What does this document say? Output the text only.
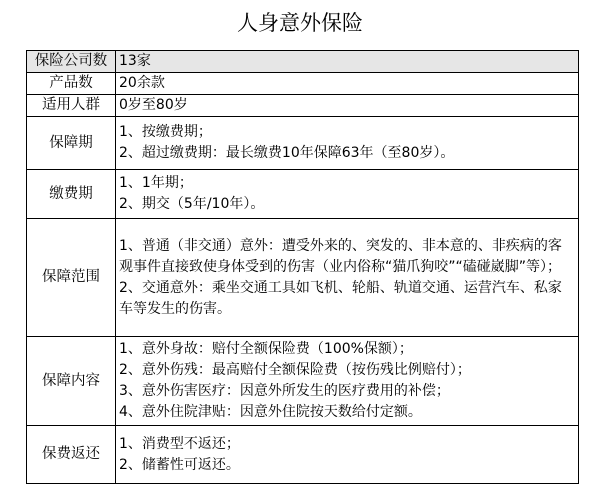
人身意外保险
保险公司数	13家

产品数	20余款

适用人群	0岁至80岁

保障期	1、按缴费期；
2、超过缴费期：最长缴费10年保障63年（至80岁）。

缴费期	1、1年期；
2、期交（5年/10年）。

保障范围	1、普通（非交通）意外：遭受外来的、突发的、非本意的、非疾病的客观事件直接致使身体受到的伤害（业内俗称“猫爪狗咬”“磕碰崴脚”等）；
2、交通意外：乘坐交通工具如飞机、轮船、轨道交通、运营汽车、私家车等发生的伤害。

保障内容	1、意外身故：赔付全额保险费（100%保额）；
2、意外伤残：最高赔付全额保险费（按伤残比例赔付）；
3、意外伤害医疗：因意外所发生的医疗费用的补偿；
4、意外住院津贴：因意外住院按天数给付定额。

保费返还	1、消费型不返还；
2、储蓄性可返还。
